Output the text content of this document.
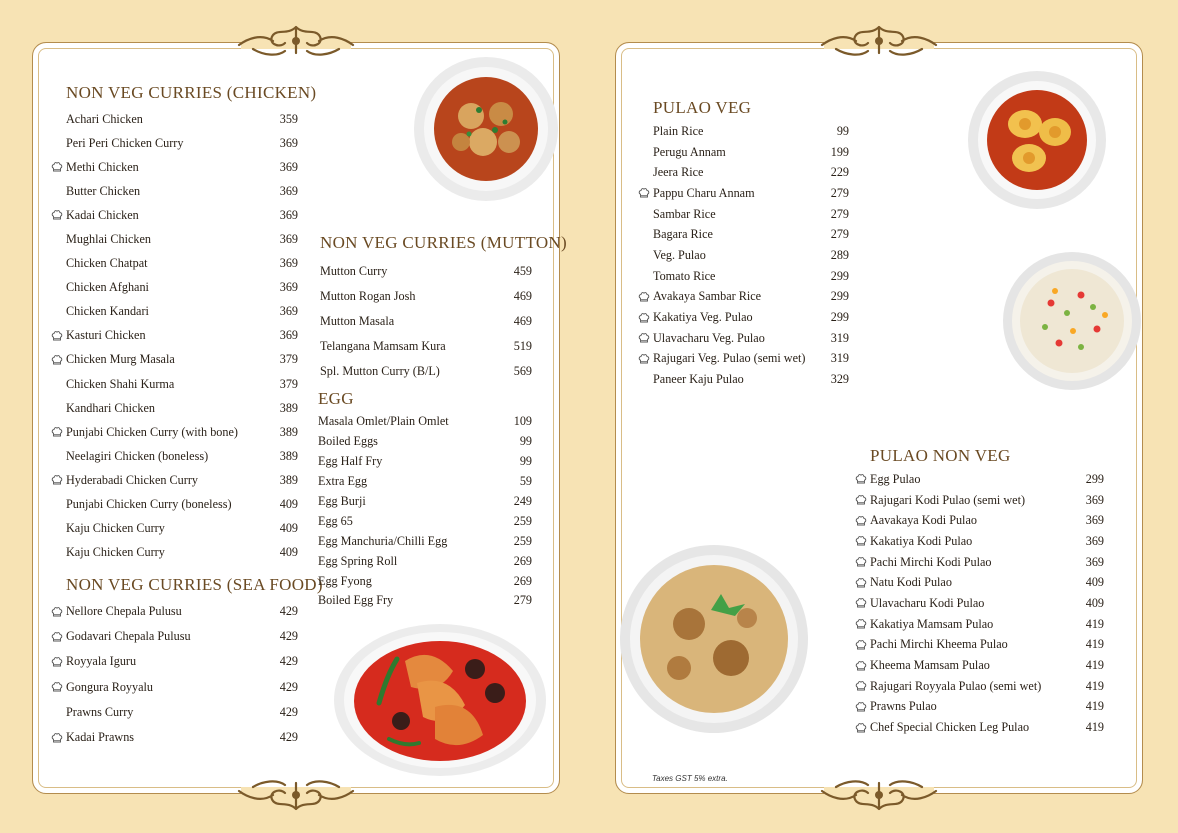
NON VEG CURRIES (CHICKEN)
Achari Chicken	359
Peri Peri Chicken Curry	369
Methi Chicken	369
Butter Chicken	369
Kadai Chicken	369
Mughlai Chicken	369
Chicken Chatpat	369
Chicken Afghani	369
Chicken Kandari	369
Kasturi Chicken	369
Chicken Murg Masala	379
Chicken Shahi Kurma	379
Kandhari Chicken	389
Punjabi Chicken Curry (with bone)	389
Neelagiri Chicken (boneless)	389
Hyderabadi Chicken Curry	389
Punjabi Chicken Curry (boneless)	409
Kaju Chicken Curry	409
Kaju Chicken Curry	409
NON VEG CURRIES (SEA FOOD)
Nellore Chepala Pulusu	429
Godavari Chepala Pulusu	429
Royyala Iguru	429
Gongura Royyalu	429
Prawns Curry	429
Kadai Prawns	429
NON VEG CURRIES (MUTTON)
Mutton Curry	459
Mutton Rogan Josh	469
Mutton Masala	469
Telangana Mamsam Kura	519
Spl. Mutton Curry (B/L)	569
EGG
Masala Omlet/Plain Omlet	109
Boiled Eggs	99
Egg Half Fry	99
Extra Egg	59
Egg Burji	249
Egg 65	259
Egg Manchuria/Chilli Egg	259
Egg Spring Roll	269
Egg Fyong	269
Boiled Egg Fry	279
PULAO VEG
Plain Rice	99
Perugu Annam	199
Jeera Rice	229
Pappu Charu Annam	279
Sambar Rice	279
Bagara Rice	279
Veg. Pulao	289
Tomato Rice	299
Avakaya Sambar Rice	299
Kakatiya Veg. Pulao	299
Ulavacharu Veg. Pulao	319
Rajugari Veg. Pulao (semi wet)	319
Paneer Kaju Pulao	329
PULAO NON VEG
Egg Pulao	299
Rajugari Kodi Pulao (semi wet)	369
Aavakaya Kodi Pulao	369
Kakatiya Kodi Pulao	369
Pachi Mirchi Kodi Pulao	369
Natu Kodi Pulao	409
Ulavacharu Kodi Pulao	409
Kakatiya Mamsam Pulao	419
Pachi Mirchi Kheema Pulao	419
Kheema Mamsam Pulao	419
Rajugari Royyala Pulao (semi wet)	419
Prawns Pulao	419
Chef Special Chicken Leg Pulao	419
Taxes GST 5% extra.
